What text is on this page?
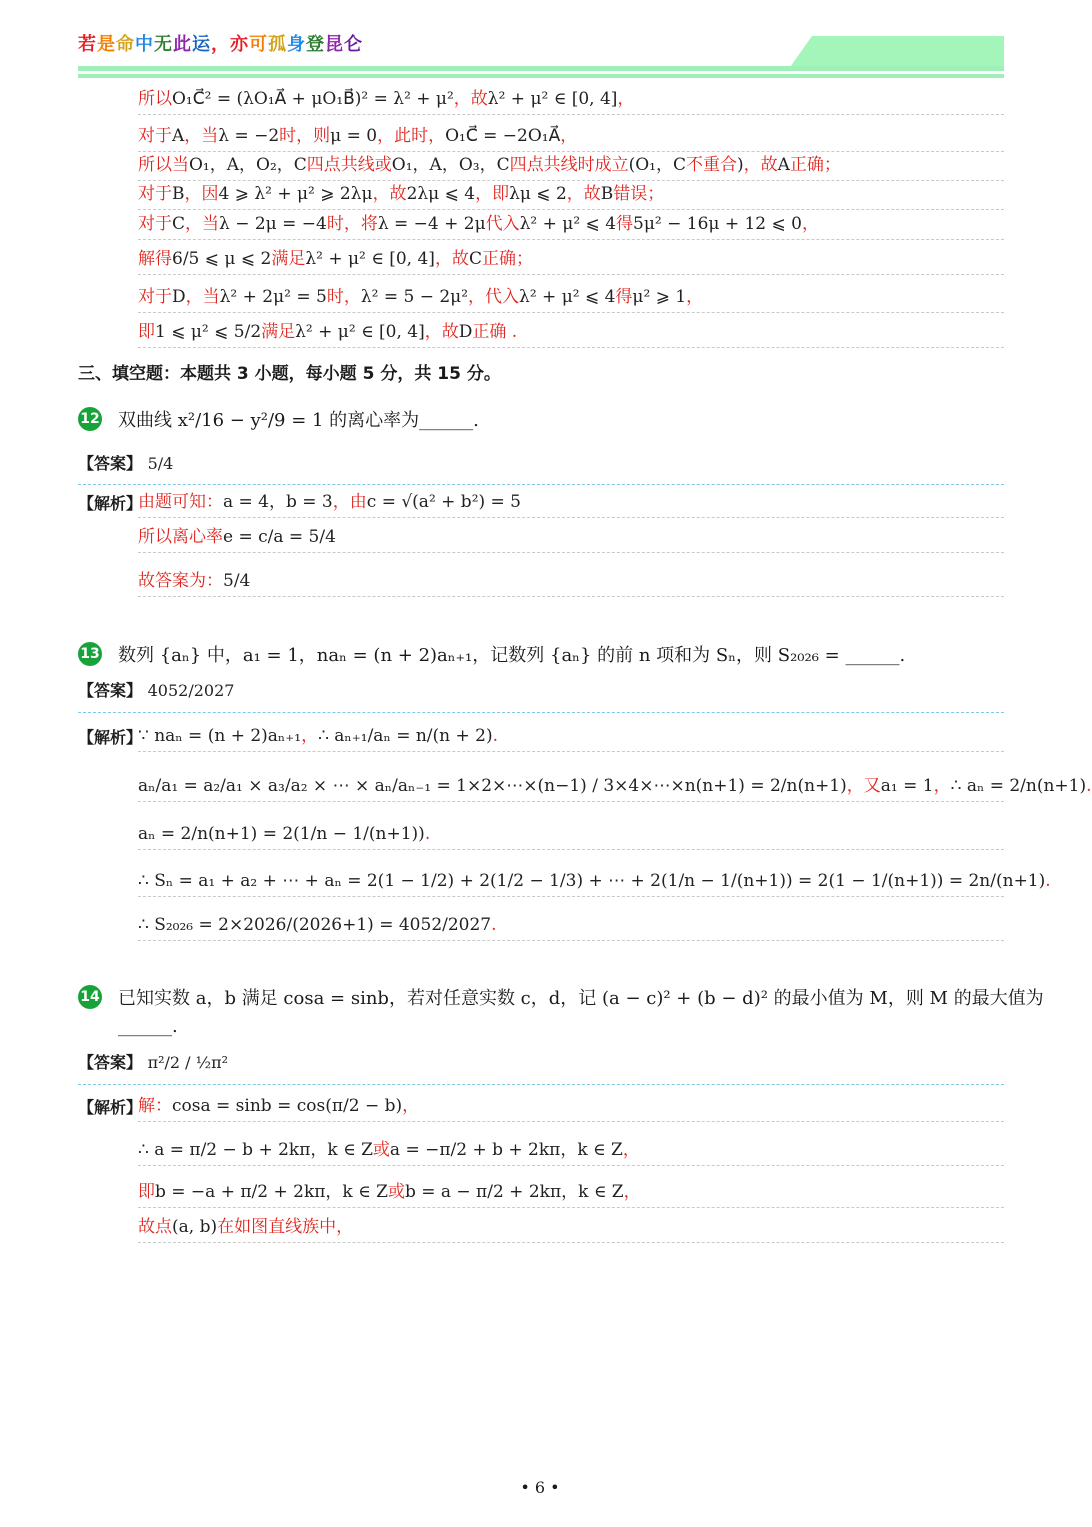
若是命中无此运，亦可孤身登昆仑
所以O₁C⃗² = (λO₁A⃗ + μO₁B⃗)² = λ² + μ²，故λ² + μ² ∈ [0, 4]，
对于A，当λ = −2时，则μ = 0，此时，O₁C⃗ = −2O₁A⃗，
所以当O₁，A，O₂，C四点共线或O₁，A，O₃，C四点共线时成立(O₁，C不重合)，故A正确；
对于B，因4 ⩾ λ² + μ² ⩾ 2λμ，故2λμ ⩽ 4，即λμ ⩽ 2，故B错误；
对于C，当λ − 2μ = −4时，将λ = −4 + 2μ代入λ² + μ² ⩽ 4得5μ² − 16μ + 12 ⩽ 0，
解得6/5 ⩽ μ ⩽ 2满足λ² + μ² ∈ [0, 4]，故C正确；
对于D，当λ² + 2μ² = 5时，λ² = 5 − 2μ²，代入λ² + μ² ⩽ 4得μ² ⩾ 1，
即1 ⩽ μ² ⩽ 5/2满足λ² + μ² ∈ [0, 4]，故D正确 .
三、填空题：本题共 3 小题，每小题 5 分，共 15 分。
12 双曲线 x²/16 − y²/9 = 1 的离心率为______.
【答案】 5/4
【解析】
由题可知：a = 4，b = 3，由c = √(a² + b²) = 5
所以离心率e = c/a = 5/4
故答案为：5/4
13 数列 {aₙ} 中，a₁ = 1，naₙ = (n + 2)aₙ₊₁，记数列 {aₙ} 的前 n 项和为 Sₙ，则 S₂₀₂₆ = ______.
【答案】 4052/2027
【解析】
∵ naₙ = (n + 2)aₙ₊₁，∴ aₙ₊₁/aₙ = n/(n + 2).
aₙ/a₁ = a₂/a₁ × a₃/a₂ × ⋯ × aₙ/aₙ₋₁ = 1×2×⋯×(n−1) / 3×4×⋯×n(n+1) = 2/n(n+1)，又a₁ = 1，∴ aₙ = 2/n(n+1).
aₙ = 2/n(n+1) = 2(1/n − 1/(n+1)).
∴ Sₙ = a₁ + a₂ + ⋯ + aₙ = 2(1 − 1/2) + 2(1/2 − 1/3) + ⋯ + 2(1/n − 1/(n+1)) = 2(1 − 1/(n+1)) = 2n/(n+1).
∴ S₂₀₂₆ = 2×2026/(2026+1) = 4052/2027.
14 已知实数 a，b 满足 cosa = sinb，若对任意实数 c，d，记 (a − c)² + (b − d)² 的最小值为 M，则 M 的最大值为
______.
【答案】 π²/2 / ½π²
【解析】
解：cosa = sinb = cos(π/2 − b)，
∴ a = π/2 − b + 2kπ，k ∈ Z或a = −π/2 + b + 2kπ，k ∈ Z，
即b = −a + π/2 + 2kπ，k ∈ Z或b = a − π/2 + 2kπ，k ∈ Z，
故点(a, b)在如图直线族中，
• 6 •
